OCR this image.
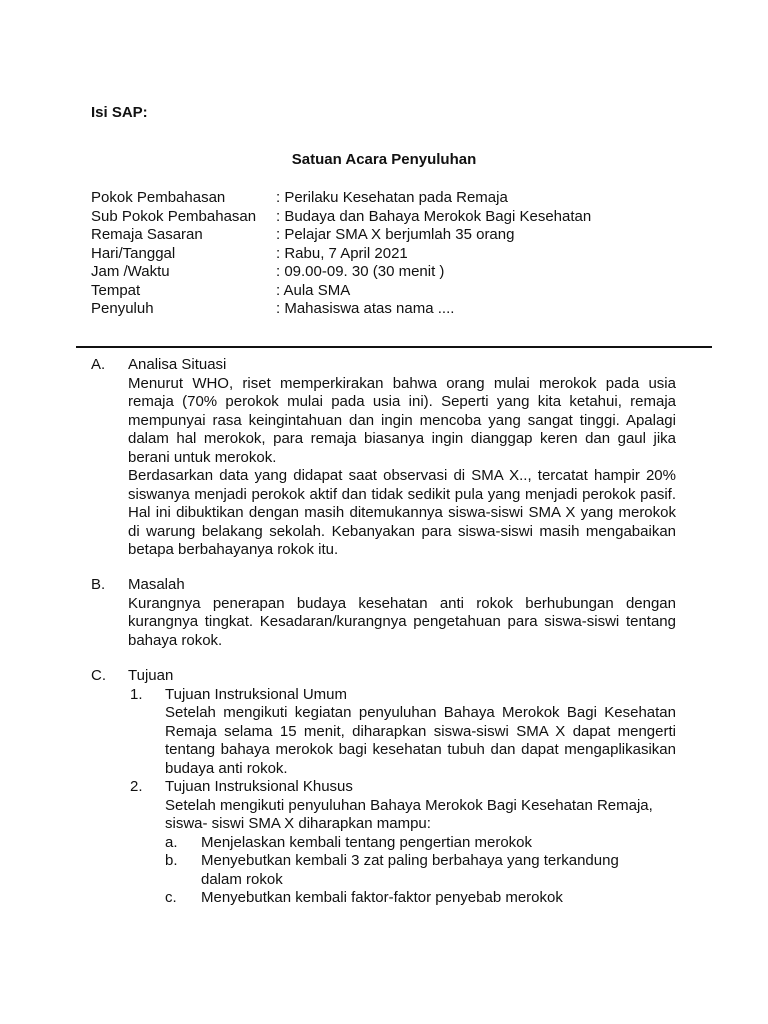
Isi SAP:
Satuan Acara Penyuluhan
Pokok Pembahasan	: Perilaku Kesehatan pada Remaja
Sub Pokok Pembahasan : Budaya dan Bahaya Merokok Bagi Kesehatan
Remaja Sasaran	: Pelajar SMA X berjumlah 35 orang
Hari/Tanggal	: Rabu, 7 April 2021
Jam /Waktu	: 09.00-09. 30 (30 menit )
Tempat	: Aula SMA
Penyuluh	: Mahasiswa atas nama ....
A. Analisa Situasi
Menurut WHO, riset memperkirakan bahwa orang mulai merokok pada usia remaja (70% perokok mulai pada usia ini). Seperti yang kita ketahui, remaja mempunyai rasa keingintahuan dan ingin mencoba yang sangat tinggi. Apalagi dalam hal merokok, para remaja biasanya ingin dianggap keren dan gaul jika berani untuk merokok.
Berdasarkan data yang didapat saat observasi di SMA X.., tercatat hampir 20% siswanya menjadi perokok aktif dan tidak sedikit pula yang menjadi perokok pasif. Hal ini dibuktikan dengan masih ditemukannya siswa-siswi SMA X yang merokok di warung belakang sekolah. Kebanyakan para siswa-siswi masih mengabaikan betapa berbahayanya rokok itu.
B. Masalah
Kurangnya penerapan budaya kesehatan anti rokok berhubungan dengan kurangnya tingkat. Kesadaran/kurangnya pengetahuan para siswa-siswi tentang bahaya rokok.
C. Tujuan
1. Tujuan Instruksional Umum
Setelah mengikuti kegiatan penyuluhan Bahaya Merokok Bagi Kesehatan Remaja selama 15 menit, diharapkan siswa-siswi SMA X dapat mengerti tentang bahaya merokok bagi kesehatan tubuh dan dapat mengaplikasikan budaya anti rokok.
2. Tujuan Instruksional Khusus
Setelah mengikuti penyuluhan Bahaya Merokok Bagi Kesehatan Remaja,
siswa- siswi SMA X diharapkan mampu:
a. Menjelaskan kembali tentang pengertian merokok
b. Menyebutkan kembali 3 zat paling berbahaya yang terkandung dalam rokok
c. Menyebutkan kembali faktor-faktor penyebab merokok
